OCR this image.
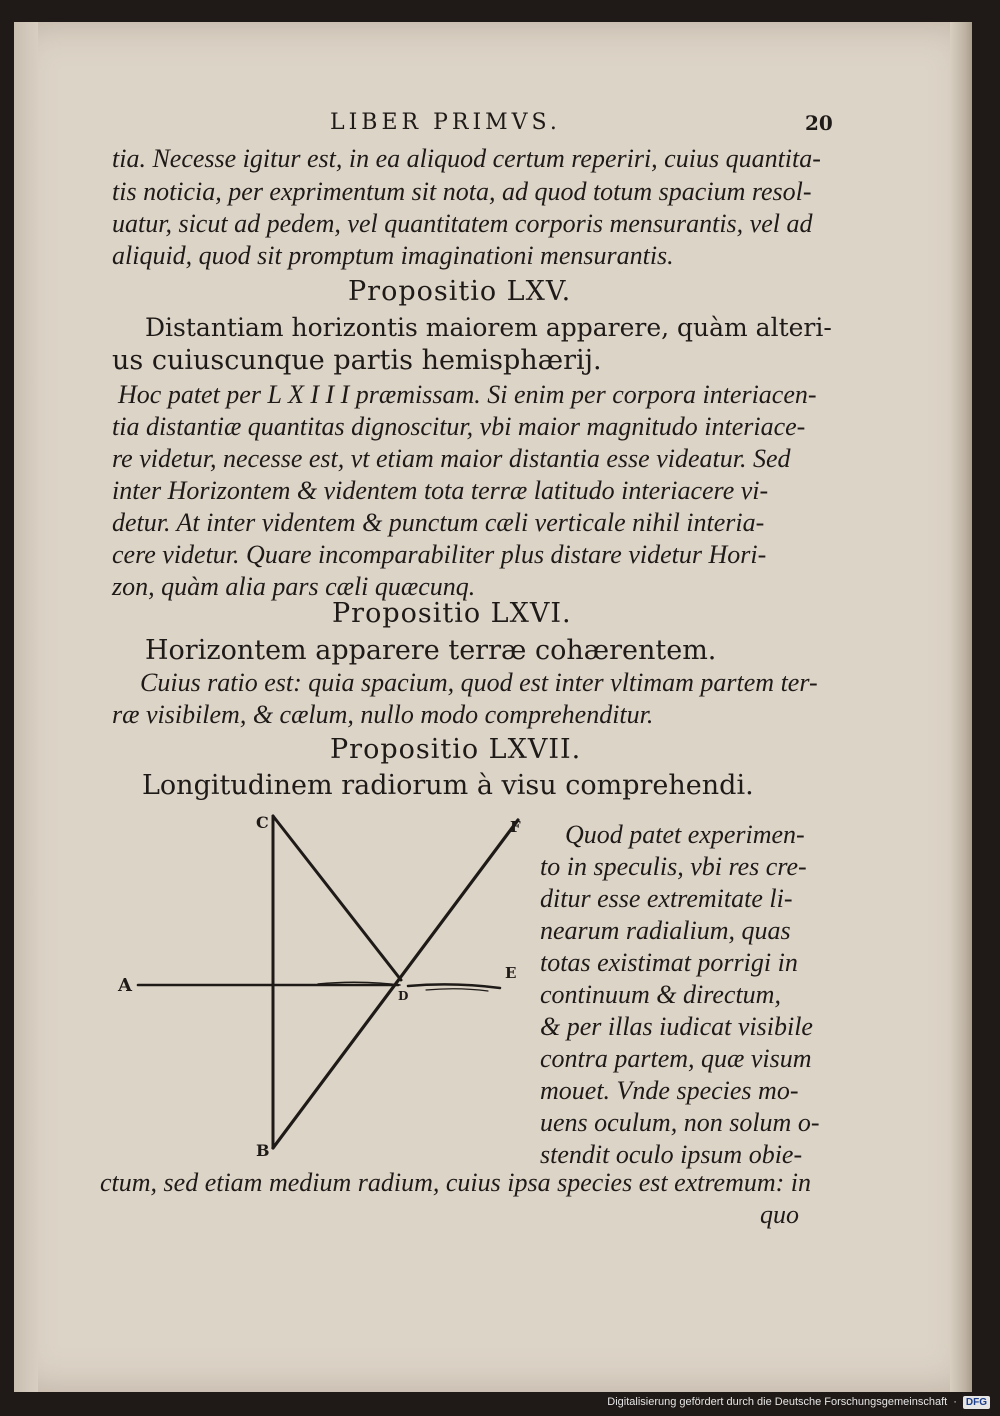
LIBER PRIMVS.	20
tia. Necesse igitur est, in ea aliquod certum reperiri, cuius quantita-
tis noticia, per exprimentum sit nota, ad quod totum spacium resol-
uatur, sicut ad pedem, vel quantitatem corporis mensurantis, vel ad
aliquid, quod sit promptum imaginationi mensurantis.
Propositio LXV.
Distantiam horizontis maiorem apparere, quàm alteri-
us cuiuscunque partis hemisphærij.
Hoc patet per L X I I I præmissam. Si enim per corpora interiacen-
tia distantiæ quantitas dignoscitur, vbi maior magnitudo interiace-
re videtur, necesse est, vt etiam maior distantia esse videatur. Sed
inter Horizontem & videntem tota terræ latitudo interiacere vi-
detur. At inter videntem & punctum cæli verticale nihil interia-
cere videtur. Quare incomparabiliter plus distare videtur Hori-
zon, quàm alia pars cæli quæcunq.
Propositio LXVI.
Horizontem apparere terræ cohærentem.
Cuius ratio est: quia spacium, quod est inter vltimam partem ter-
ræ visibilem, & cælum, nullo modo comprehenditur.
Propositio LXVII.
Longitudinem radiorum à visu comprehendi.
C
B
A	D
E
F Quod patet experimen-
to in speculis, vbi res cre-
ditur esse extremitate li-
nearum radialium, quas
totas existimat porrigi in
continuum & directum,
& per illas iudicat visibile
contra partem, quæ visum
mouet. Vnde species mo-
uens oculum, non solum o-
stendit oculo ipsum obie-
ctum, sed etiam medium radium, cuius ipsa species est extremum: in
quo
Digitalisierung gefördert durch die Deutsche Forschungsgemeinschaft · DFG
